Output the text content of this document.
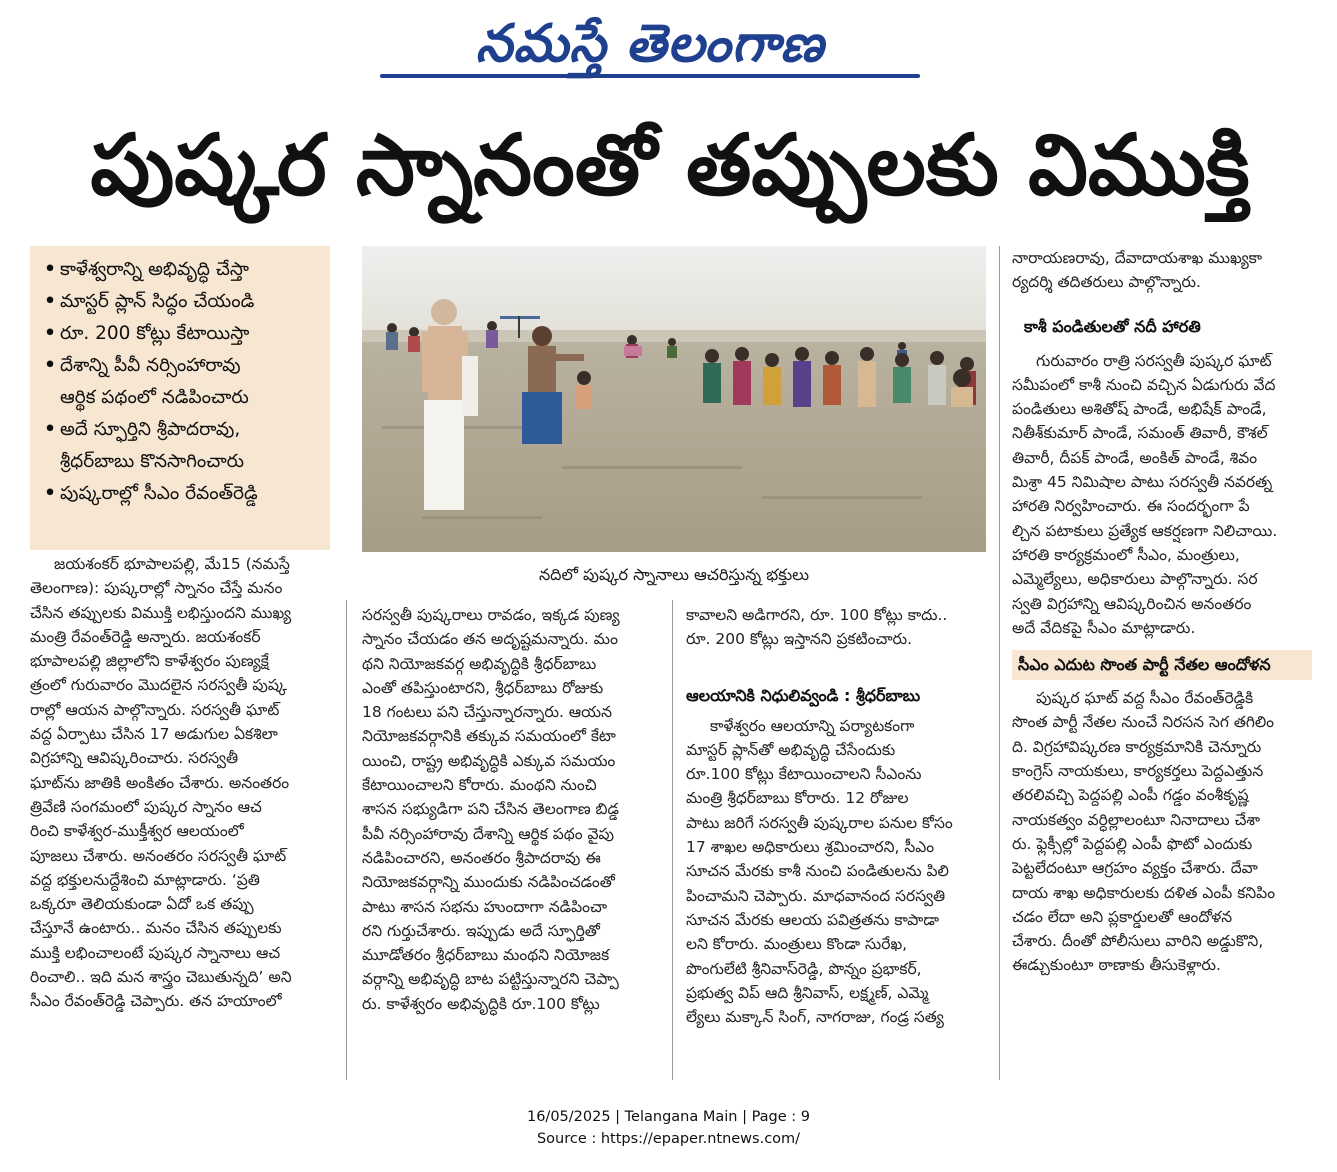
నమస్తే తెలంగాణ
పుష్కర స్నానంతో తప్పులకు విముక్తి
• కాళేశ్వరాన్ని అభివృద్ధి చేస్తా
• మాస్టర్ ప్లాన్ సిద్ధం చేయండి
• రూ. 200 కోట్లు కేటాయిస్తా
• దేశాన్ని పీవీ నర్సింహారావు
ఆర్థిక పథంలో నడిపించారు
• అదే స్ఫూర్తిని శ్రీపాదరావు,
శ్రీధర్‌బాబు కొనసాగించారు
• పుష్కరాల్లో సీఎం రేవంత్‌రెడ్డి
నదిలో పుష్కర స్నానాలు ఆచరిస్తున్న భక్తులు

జయశంకర్ భూపాలపల్లి, మే15 (నమస్తే

తెలంగాణ): పుష్కరాల్లో స్నానం చేస్తే మనం

చేసిన తప్పులకు విముక్తి లభిస్తుందని ముఖ్య

మంత్రి రేవంత్‌రెడ్డి అన్నారు. జయశంకర్

భూపాలపల్లి జిల్లాలోని కాళేశ్వరం పుణ్యక్షే

త్రంలో గురువారం మొదలైన సరస్వతీ పుష్క

రాల్లో ఆయన పాల్గొన్నారు. సరస్వతీ ఘాట్

వద్ద ఏర్పాటు చేసిన 17 అడుగుల ఏకశిలా

విగ్రహాన్ని ఆవిష్కరించారు. సరస్వతీ

ఘాట్‌ను జాతికి అంకితం చేశారు. అనంతరం

త్రివేణి సంగమంలో పుష్కర స్నానం ఆచ

రించి కాళేశ్వర-ముక్తీశ్వర ఆలయంలో

పూజలు చేశారు. అనంతరం సరస్వతీ ఘాట్

వద్ద భక్తులనుద్దేశించి మాట్లాడారు. ‘ప్రతి

ఒక్కరూ తెలియకుండా ఏదో ఒక తప్పు

చేస్తూనే ఉంటారు.. మనం చేసిన తప్పులకు

ముక్తి లభించాలంటే పుష్కర స్నానాలు ఆచ

రించాలి.. ఇది మన శాస్త్రం చెబుతున్నది’ అని

సీఎం రేవంత్‌రెడ్డి చెప్పారు. తన హయాంలో

సరస్వతీ పుష్కరాలు రావడం, ఇక్కడ పుణ్య

స్నానం చేయడం తన అదృష్టమన్నారు. మం

థని నియోజకవర్గ అభివృద్ధికి శ్రీధర్‌బాబు

ఎంతో తపిస్తుంటారని, శ్రీధర్‌బాబు రోజుకు

18 గంటలు పని చేస్తున్నారన్నారు. ఆయన

నియోజకవర్గానికి తక్కువ సమయంలో కేటా

యించి, రాష్ట్ర అభివృద్ధికి ఎక్కువ సమయం

కేటాయించాలని కోరారు. మంథని నుంచి

శాసన సభ్యుడిగా పని చేసిన తెలంగాణ బిడ్డ

పీవీ నర్సింహారావు దేశాన్ని ఆర్థిక పథం వైపు

నడిపించారని, అనంతరం శ్రీపాదరావు ఈ

నియోజకవర్గాన్ని ముందుకు నడిపించడంతో

పాటు శాసన సభను హుందాగా నడిపించా

రని గుర్తుచేశారు. ఇప్పుడు అదే స్ఫూర్తితో

మూడోతరం శ్రీధర్‌బాబు మంథని నియోజక

వర్గాన్ని అభివృద్ధి బాట పట్టిస్తున్నారని చెప్పా

రు. కాళేశ్వరం అభివృద్ధికి రూ.100 కోట్లు

కావాలని అడిగారని, రూ. 100 కోట్లు కాదు..

రూ. 200 కోట్లు ఇస్తానని ప్రకటించారు.

ఆలయానికి నిధులివ్వండి : శ్రీధర్‌బాబు

కాళేశ్వరం ఆలయాన్ని పర్యాటకంగా

మాస్టర్ ప్లాన్‌తో అభివృద్ధి చేసేందుకు

రూ.100 కోట్లు కేటాయించాలని సీఎంను

మంత్రి శ్రీధర్‌బాబు కోరారు. 12 రోజుల

పాటు జరిగే సరస్వతీ పుష్కరాల పనుల కోసం

17 శాఖల అధికారులు శ్రమించారని, సీఎం

సూచన మేరకు కాశీ నుంచి పండితులను పిలి

పించామని చెప్పారు. మాధవానంద సరస్వతి

సూచన మేరకు ఆలయ పవిత్రతను కాపాడా

లని కోరారు. మంత్రులు కొండా సురేఖ,

పొంగులేటి శ్రీనివాస్‌రెడ్డి, పొన్నం ప్రభాకర్,

ప్రభుత్వ విప్ ఆది శ్రీనివాస్, లక్ష్మణ్, ఎమ్మె

ల్యేలు మక్కాన్ సింగ్, నాగరాజు, గండ్ర సత్య

నారాయణరావు, దేవాదాయశాఖ ముఖ్యకా

ర్యదర్శి తదితరులు పాల్గొన్నారు.

కాశీ పండితులతో నదీ హారతి

గురువారం రాత్రి సరస్వతీ పుష్కర ఘాట్

సమీపంలో కాశీ నుంచి వచ్చిన ఏడుగురు వేద

పండితులు అశితోష్ పాండే, అభిషేక్ పాండే,

నితీశ్‌కుమార్ పాండే, సమంత్ తివారీ, కౌశల్

తివారీ, దీపక్ పాండే, అంకిత్ పాండే, శివం

మిశ్రా 45 నిమిషాల పాటు సరస్వతీ నవరత్న

హారతి నిర్వహించారు. ఈ సందర్భంగా పే

ల్చిన పటాకులు ప్రత్యేక ఆకర్షణగా నిలిచాయి.

హారతి కార్యక్రమంలో సీఎం, మంత్రులు,

ఎమ్మెల్యేలు, అధికారులు పాల్గొన్నారు. సర

స్వతి విగ్రహాన్ని ఆవిష్కరించిన అనంతరం

అదే వేదికపై సీఎం మాట్లాడారు.

సీఎం ఎదుట సొంత పార్టీ నేతల ఆందోళన

పుష్కర ఘాట్ వద్ద సీఎం రేవంత్‌రెడ్డికి

సొంత పార్టీ నేతల నుంచే నిరసన సెగ తగిలిం

ది. విగ్రహావిష్కరణ కార్యక్రమానికి చెన్నూరు

కాంగ్రెస్ నాయకులు, కార్యకర్తలు పెద్దఎత్తున

తరలివచ్చి పెద్దపల్లి ఎంపీ గడ్డం వంశీకృష్ణ

నాయకత్వం వర్ధిల్లాలంటూ నినాదాలు చేశా

రు. ఫ్లెక్సీల్లో పెద్దపల్లి ఎంపీ ఫొటో ఎందుకు

పెట్టలేదంటూ ఆగ్రహం వ్యక్తం చేశారు. దేవా

దాయ శాఖ అధికారులకు దళిత ఎంపీ కనిపిం

చడం లేదా అని ప్లకార్డులతో ఆందోళన

చేశారు. దీంతో పోలీసులు వారిని అడ్డుకొని,

ఈడ్చుకుంటూ ఠాణాకు తీసుకెళ్లారు.

16/05/2025 | Telangana Main | Page : 9
Source : https://epaper.ntnews.com/
